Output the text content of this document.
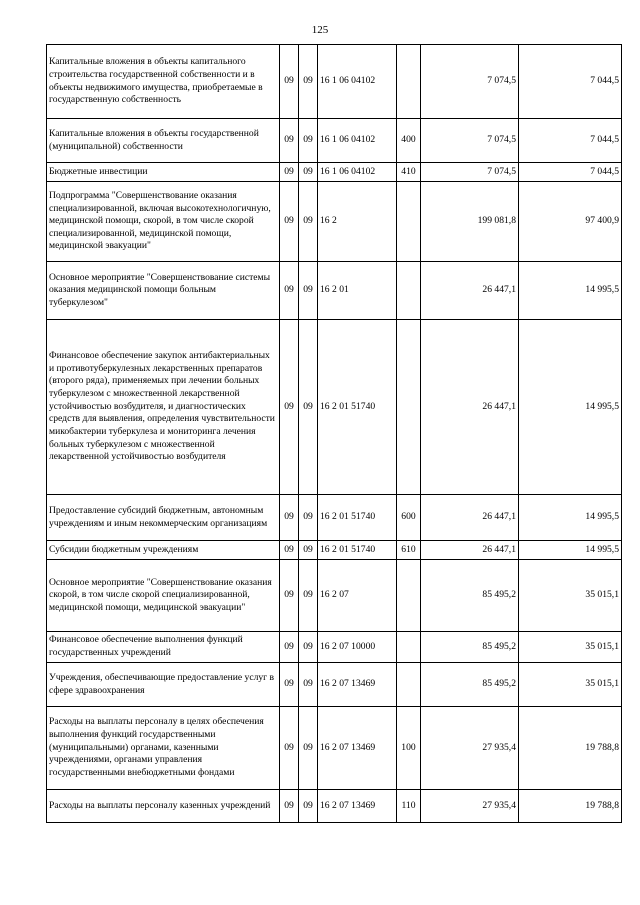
125
Капитальные вложения в объекты капитального строительства государственной собственности и в объекты недвижимого имущества, приобретаемые в государственную собственность	09	09	16 1 06 04102		7 074,5	7 044,5
Капитальные вложения в объекты государственной (муниципальной) собственности	09	09	16 1 06 04102	400	7 074,5	7 044,5
Бюджетные инвестиции	09	09	16 1 06 04102	410	7 074,5	7 044,5
Подпрограмма "Совершенствование оказания специализированной, включая высокотехнологичную, медицинской помощи, скорой, в том числе скорой специализированной, медицинской помощи, медицинской эвакуации"	09	09	16 2		199 081,8	97 400,9
Основное мероприятие "Совершенствование системы оказания медицинской помощи больным туберкулезом"	09	09	16 2 01		26 447,1	14 995,5
Финансовое обеспечение закупок антибактериальных и противотуберкулезных лекарственных препаратов (второго ряда), применяемых при лечении больных туберкулезом с множественной лекарственной устойчивостью возбудителя, и диагностических средств для выявления, определения чувствительности микобактерии туберкулеза и мониторинга лечения больных туберкулезом с множественной лекарственной устойчивостью возбудителя	09	09	16 2 01 51740		26 447,1	14 995,5
Предоставление субсидий бюджетным, автономным учреждениям и иным некоммерческим организациям	09	09	16 2 01 51740	600	26 447,1	14 995,5
Субсидии бюджетным учреждениям	09	09	16 2 01 51740	610	26 447,1	14 995,5
Основное мероприятие "Совершенствование оказания скорой, в том числе скорой специализированной, медицинской помощи, медицинской эвакуации"	09	09	16 2 07		85 495,2	35 015,1
Финансовое обеспечение выполнения функций государственных учреждений	09	09	16 2 07 10000		85 495,2	35 015,1
Учреждения, обеспечивающие предоставление услуг в сфере здравоохранения	09	09	16 2 07 13469		85 495,2	35 015,1
Расходы на выплаты персоналу в целях обеспечения выполнения функций государственными (муниципальными) органами, казенными учреждениями, органами управления государственными внебюджетными фондами	09	09	16 2 07 13469	100	27 935,4	19 788,8
Расходы на выплаты персоналу казенных учреждений	09	09	16 2 07 13469	110	27 935,4	19 788,8
